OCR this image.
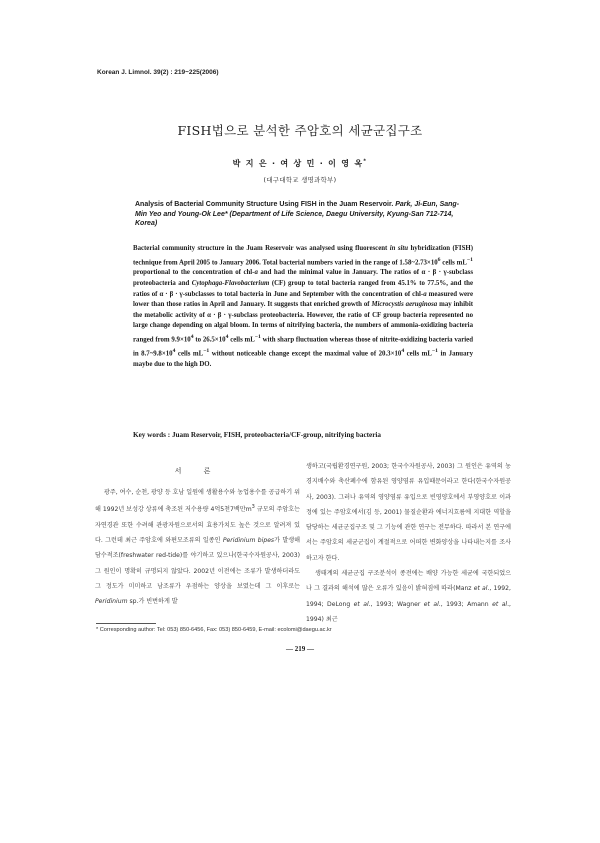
Korean J. Limnol. 39(2) : 219~225(2006)
FISH법으로 분석한 주암호의 세균군집구조
박 지 은 · 여 상 민 · 이 영 옥*
(대구대학교 생명과학부)
Analysis of Bacterial Community Structure Using FISH in the Juam Reservoir. Park, Ji-Eun, Sang-Min Yeo and Young-Ok Lee* (Department of Life Science, Daegu University, Kyung-San 712-714, Korea)

Bacterial community structure in the Juam Reservoir was analysed using fluorescent in situ hybridization (FISH) technique from April 2005 to January 2006. Total bacterial numbers varied in the range of $1.58\sim 2.73\times 10^6$ cells $mL^{-1}$ proportional to the concentration of chl-a and had the minimal value in January. The ratios of α · β · γ-subclass proteobacteria and Cytophaga-Flavobacterium (CF) group to total bacteria ranged from 45.1% to 77.5%, and the ratios of α · β · γ-subclasses to total bacteria in June and September with the concentration of chl-a measured were lower than those ratios in April and January. It suggests that enriched growth of Microcystis aeruginosa may inhibit the metabolic activity of α · β · γ-subclass proteobacteria. However, the ratio of CF group bacteria represented no large change depending on algal bloom. In terms of nitrifying bacteria, the numbers of ammonia-oxidizing bacteria ranged from $9.9\times 10^4$ to $26.5\times 10^4$ cells $mL^{-1}$ with sharp fluctuation whereas those of nitrite-oxidizing bacteria varied in $8.7\sim 9.8\times 10^4$ cells $mL^{-1}$ without noticeable change except the maximal value of $20.3\times 10^4$ cells $mL^{-1}$ in January maybe due to the high DO.

Key words : Juam Reservoir, FISH, proteobacteria/CF-group, nitrifying bacteria
서 론

광주, 여수, 순천, 광양 등 호남 일원에 생활용수와 농업용수를 공급하기 위해 1992년 보성강 상류에 축조된 저수용량 4억5천7백만$m^3$ 규모의 주암호는 자연경관 또한 수려해 관광자원으로서의 효용가치도 높은 것으로 알려져 있다. 그런데 최근 주암호에 와편모조류의 일종인 Peridinium bipes가 발생해 담수적조(freshwater red-tide)를 야기하고 있으나(한국수자원공사, 2003) 그 원인이 명확히 규명되지 않았다. 2002년 이전에는 조류가 발생하더라도 그 정도가 미미하고 남조류가 우점하는 양상을 보였는데 그 이후로는 Peridinium sp.가 빈번하게 발

생하고(국립환경연구원, 2003; 한국수자원공사, 2003) 그 원인은 유역의 농경지배수와 축산폐수에 함유된 영양염류 유입때문이라고 한다(한국수자원공사, 2003). 그러나 유역의 영양염류 유입으로 빈영양호에서 부영양호로 이과정에 있는 주암호에서(김 등, 2001) 물질순환과 에너지흐름에 지대한 역할을 담당하는 세균군집구조 및 그 기능에 관한 연구는 전무하다. 따라서 본 연구에서는 주암호의 세균군집이 계절적으로 어떠한 변화양상을 나타내는지를 조사하고자 한다.

생태계의 세균군집 구조분석이 종전에는 배양 가능한 세균에 국한되었으나 그 결과의 해석에 많은 오류가 있음이 밝혀짐에 따라(Manz et al., 1992, 1994; DeLong et al., 1993; Wagner et al., 1993; Amann et al., 1994) 최근

* Corresponding author: Tel: 053) 850-6456, Fax: 053) 850-6459, E-mail: ecolomi@daegu.ac.kr
— 219 —
